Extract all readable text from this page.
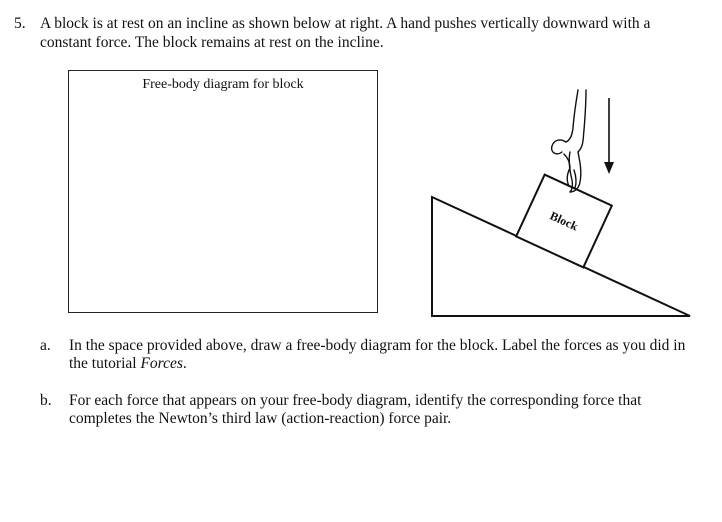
5. A block is at rest on an incline as shown below at right. A hand pushes vertically downward with a constant force. The block remains at rest on the incline.
Free-body diagram for block
Block
a. In the space provided above, draw a free-body diagram for the block. Label the forces as you did in the tutorial Forces.
b. For each force that appears on your free-body diagram, identify the corresponding force that completes the Newton’s third law (action-reaction) force pair.
